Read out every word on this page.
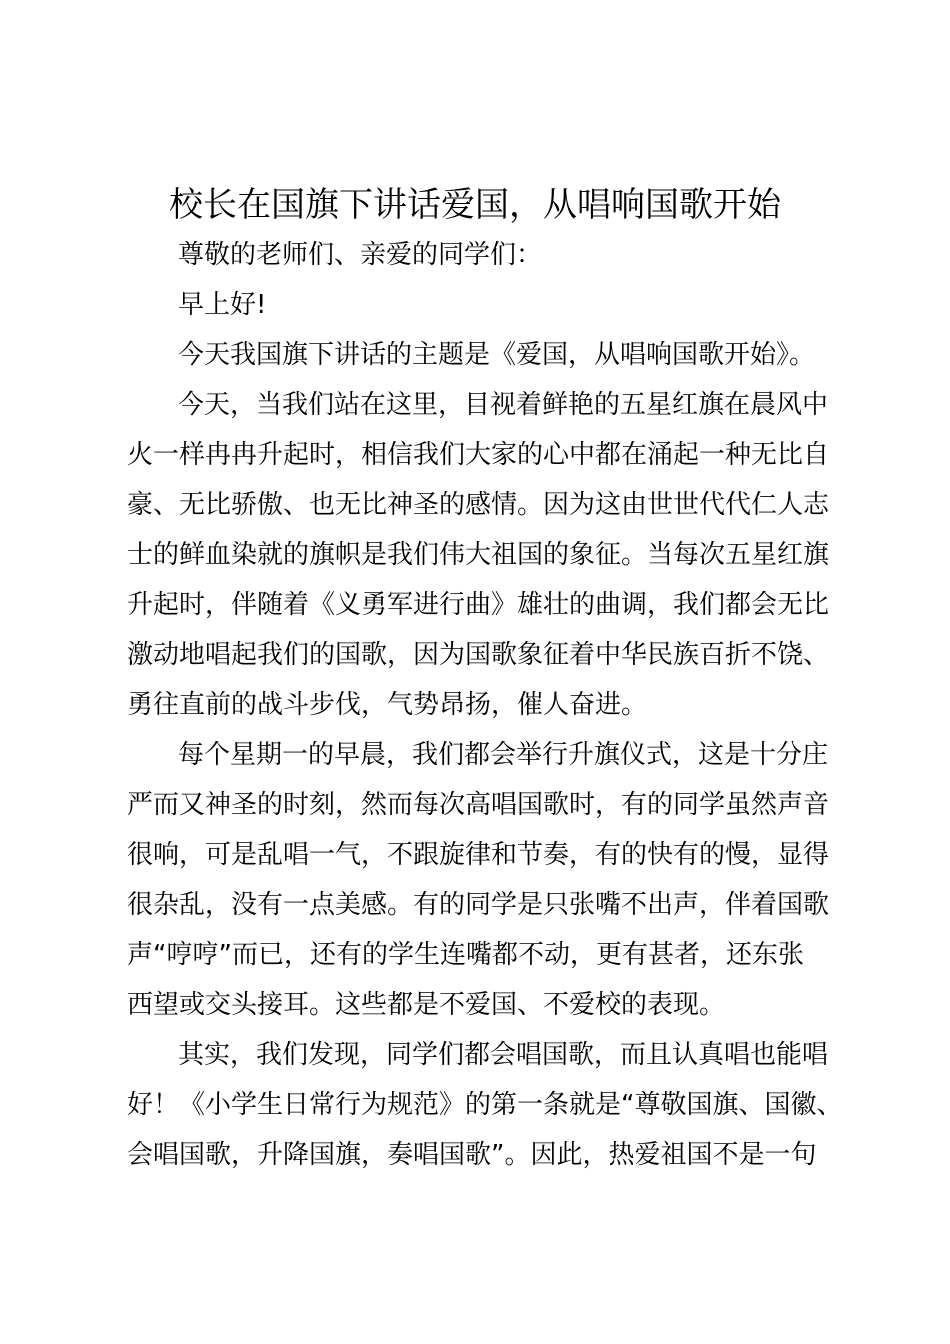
校长在国旗下讲话爱国，从唱响国歌开始

尊敬的老师们、亲爱的同学们：

早上好!

今天我国旗下讲话的主题是《爱国，从唱响国歌开始》。

今天，当我们站在这里，目视着鲜艳的五星红旗在晨风中

火一样冉冉升起时，相信我们大家的心中都在涌起一种无比自

豪、无比骄傲、也无比神圣的感情。因为这由世世代代仁人志

士的鲜血染就的旗帜是我们伟大祖国的象征。当每次五星红旗

升起时，伴随着《义勇军进行曲》雄壮的曲调，我们都会无比

激动地唱起我们的国歌，因为国歌象征着中华民族百折不饶、

勇往直前的战斗步伐，气势昂扬，催人奋进。

每个星期一的早晨，我们都会举行升旗仪式，这是十分庄

严而又神圣的时刻，然而每次高唱国歌时，有的同学虽然声音

很响，可是乱唱一气，不跟旋律和节奏，有的快有的慢，显得

很杂乱，没有一点美感。有的同学是只张嘴不出声，伴着国歌

声“哼哼”而已，还有的学生连嘴都不动，更有甚者，还东张

西望或交头接耳。这些都是不爱国、不爱校的表现。

其实，我们发现，同学们都会唱国歌，而且认真唱也能唱

好！《小学生日常行为规范》的第一条就是“尊敬国旗、国徽、

会唱国歌，升降国旗，奏唱国歌”。因此，热爱祖国不是一句
